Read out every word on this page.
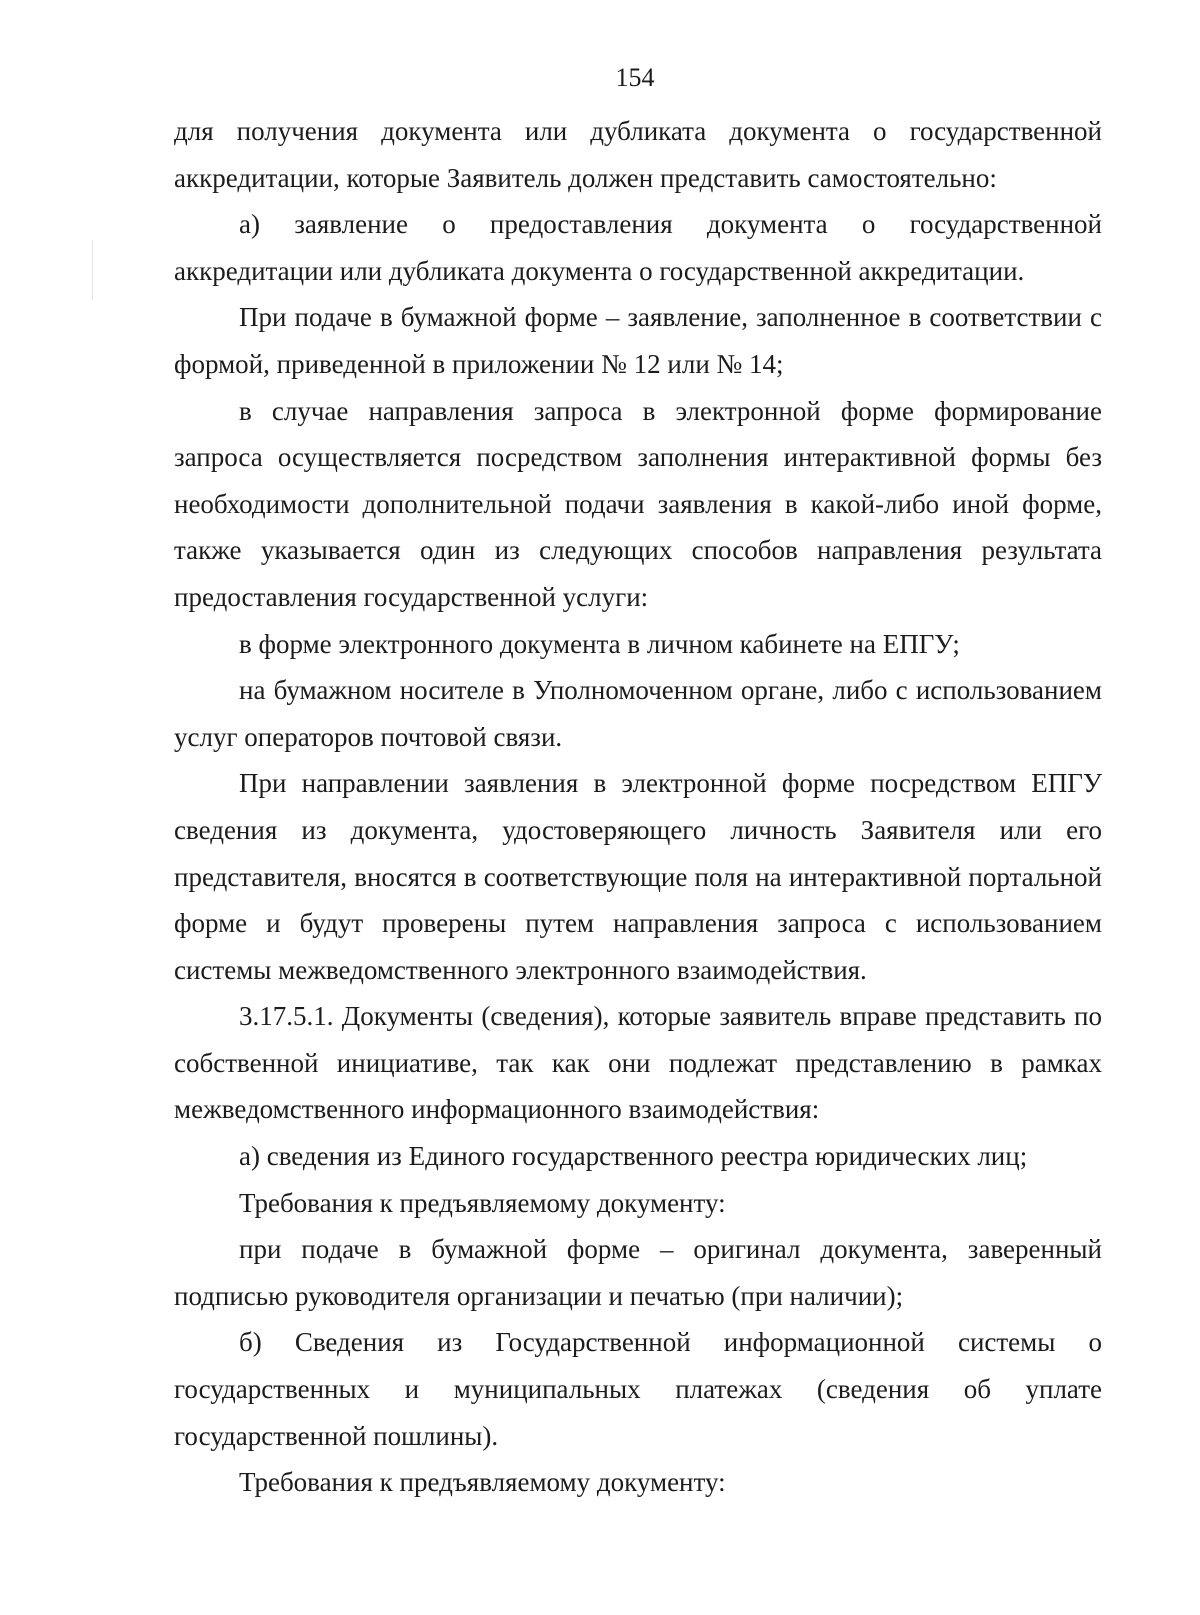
154

для получения документа или дубликата документа о государственной аккредитации, которые Заявитель должен представить самостоятельно:

а) заявление о предоставления документа о государственной аккредитации или дубликата документа о государственной аккредитации.

При подаче в бумажной форме – заявление, заполненное в соответствии с формой, приведенной в приложении № 12 или № 14;

в случае направления запроса в электронной форме формирование запроса осуществляется посредством заполнения интерактивной формы без необходимости дополнительной подачи заявления в какой-либо иной форме, также указывается один из следующих способов направления результата предоставления государственной услуги:

в форме электронного документа в личном кабинете на ЕПГУ;

на бумажном носителе в Уполномоченном органе, либо с использованием услуг операторов почтовой связи.

При направлении заявления в электронной форме посредством ЕПГУ сведения из документа, удостоверяющего личность Заявителя или его представителя, вносятся в соответствующие поля на интерактивной портальной форме и будут проверены путем направления запроса с использованием системы межведомственного электронного взаимодействия.

3.17.5.1. Документы (сведения), которые заявитель вправе представить по собственной инициативе, так как они подлежат представлению в рамках межведомственного информационного взаимодействия:

а) сведения из Единого государственного реестра юридических лиц;

Требования к предъявляемому документу:

при подаче в бумажной форме – оригинал документа, заверенный подписью руководителя организации и печатью (при наличии);

б) Сведения из Государственной информационной системы о государственных и муниципальных платежах (сведения об уплате государственной пошлины).

Требования к предъявляемому документу:
